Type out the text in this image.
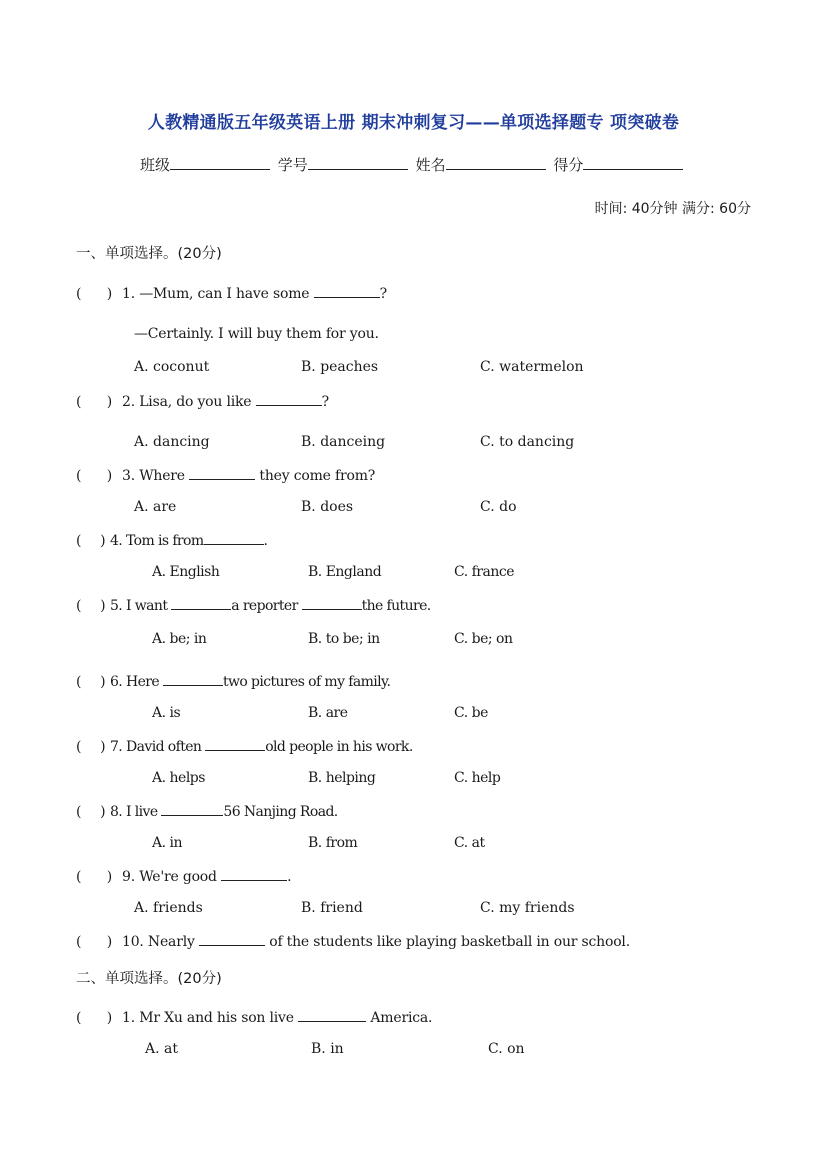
人教精通版五年级英语上册 期末冲刺复习——单项选择题专 项突破卷
班级	学号	姓名	得分
时间: 40分钟 满分: 60分
一、单项选择。(20分)
( ) 1. —Mum, can I have some	?
—Certainly. I will buy them for you.
A. coconut	B. peaches	C. watermelon
( ) 2. Lisa, do you like	?
A. dancing	B. danceing	C. to dancing
( ) 3. Where	they come from?
A. are	B. does	C. do
( ) 4. Tom is from	.
A. English	B. England	C. france
( ) 5. I want	a reporter	the future.
A. be; in	B. to be; in	C. be; on
( ) 6. Here	two pictures of my family.
A. is	B. are	C. be
( ) 7. David often	old people in his work.
A. helps	B. helping	C. help
( ) 8. I live	56 Nanjing Road.
A. in	B. from	C. at
( ) 9. We're good	.
A. friends	B. friend	C. my friends
( ) 10. Nearly	of the students like playing basketball in our school.
二、单项选择。(20分)
( ) 1. Mr Xu and his son live	America.
A. at	B. in	C. on
